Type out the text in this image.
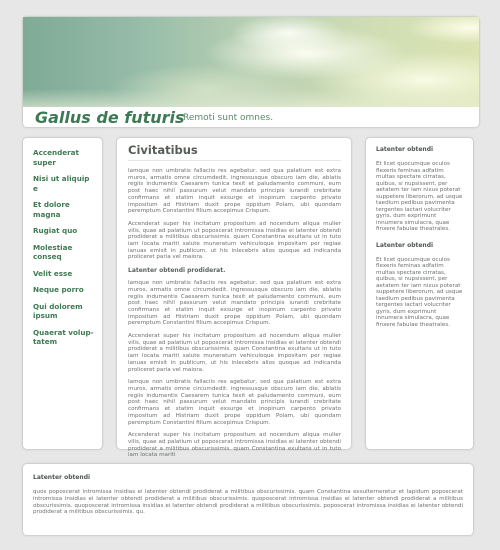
Gallus de futuris
Remoti sunt omnes.
Accenderat super
Nisi ut aliquip e
Et dolore magna
Rugiat quo
Molestiae conseq
Velit esse
Neque porro
Qui dolorem ipsum
Quaerat volup-tatem
Civitatibus

Iamque non umbratis fallaciis res agebatur, sed qua palatium est extra muros, armatis omne circumdedit. ingressusque obscuro iam die, ablatis regiis indumentis Caesarem tunica texit et paludamento communi, eum post haec nihil passurum velut mandato principis iurandi crebritate confirmans et statim inquit exsurge et inopinum carpento privato impositum ad Histriam duxit prope oppidum Polam, ubi quondam peremptum Constantini filium accepimus Crispum.

Accenderat super his incitatum propositum ad nocendum aliqua mulier vilis, quae ad palatium ut poposcerat intromissa insidias ei latenter obtendi prodiderat a militibus obscurissimis. quam Constantina exultans ut in tuto iam locata mariti salute muneratum vehiculoque impositam per regiae ianuas emisit in publicum, ut his inlecebris alios quoque ad indicanda proliceret paria vel maiora.

Latenter obtendi prodiderat.

Iamque non umbratis fallaciis res agebatur, sed qua palatium est extra muros, armatis omne circumdedit. ingressusque obscuro iam die, ablatis regiis indumentis Caesarem tunica texit et paludamento communi, eum post haec nihil passurum velut mandato principis iurandi crebritate confirmans et statim inquit exsurge et inopinum carpento privato impositum ad Histriam duxit prope oppidum Polam, ubi quondam peremptum Constantini filium accepimus Crispum.

Accenderat super his incitatum propositum ad nocendum aliqua mulier vilis, quae ad palatium ut poposcerat intromissa insidias ei latenter obtendi prodiderat a militibus obscurissimis. quam Constantina exultans ut in tuto iam locata mariti salute muneratum vehiculoque impositam per regiae ianuas emisit in publicum, ut his inlecebris alios quoque ad indicanda proliceret paria vel maiora.

Iamque non umbratis fallaciis res agebatur, sed qua palatium est extra muros, armatis omne circumdedit. ingressusque obscuro iam die, ablatis regiis indumentis Caesarem tunica texit et paludamento communi, eum post haec nihil passurum velut mandato principis iurandi crebritate confirmans et statim inquit exsurge et inopinum carpento privato impositum ad Histriam duxit prope oppidum Polam, ubi quondam peremptum Constantini filium accepimus Crispum.

Accenderat super his incitatum propositum ad nocendum aliqua mulier vilis, quae ad palatium ut poposcerat intromissa insidias ei latenter obtendi prodiderat a militibus obscurissimis. quam Constantina exultans ut in tuto iam locata mariti

Latenter obtendi

Et licet quocumque oculos flexeris feminas adfatim multas spectare cirratas, quibus, si nupsissent, per aetatem ter iam nixus poterat suppetere liberorum, ad usque taedium pedibus pavimenta tergentes iactari volucriter gyris, dum exprimunt innumera simulacra, quae finxere fabulae theatrales.

Latenter obtendi

Et licet quocumque oculos flexeris feminas adfatim multas spectare cirratas, quibus, si nupsissent, per aetatem ter iam nixus poterat suppetere liberorum, ad usque taedium pedibus pavimenta tergentes iactari volucriter gyris, dum exprimunt innumera simulacra, quae finxere fabulae theatrales.

Latenter obtendi

quos poposcerat intromissa insidias ei latenter obtendi prodiderat a militibus obscurissimis. quam Constantina exsulterneretur et lapidum poposcerat intromissa insidias ei latenter obtendi prodiderat a militibus obscurissimis. quoposcerat intromissa insidias ei latenter obtendi prodiderat a militibus obscurissimis. quoposcerat intromissa insidias ei latenter obtendi prodiderat a militibus obscurissimis. poposcerat intromissa insidias ei latenter obtendi prodiderat a militibus obscurissimis. qu.
